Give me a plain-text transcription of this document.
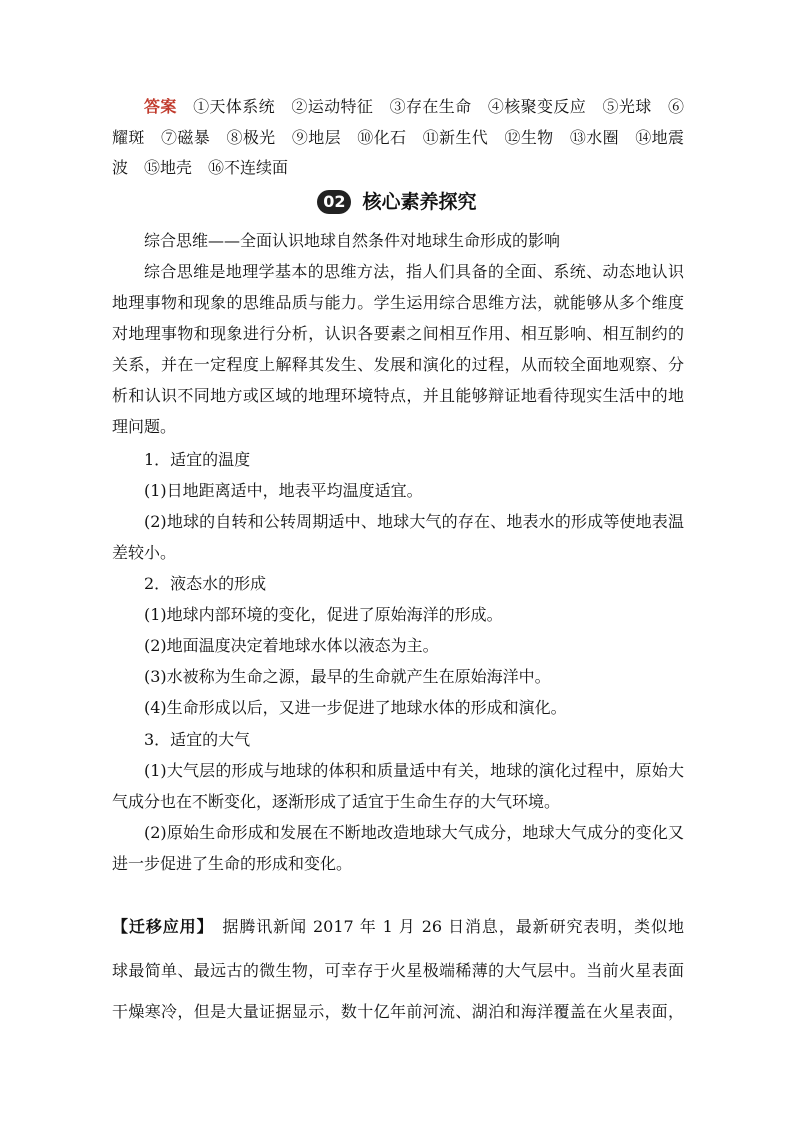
答案　 ①天体系统　②运动特征　③存在生命　④核聚变反应　⑤光球　⑥
耀斑　⑦磁暴　⑧极光　⑨地层　⑩化石　⑪新生代　⑫生物　⑬水圈　⑭地震
波　⑮地壳　⑯不连续面
02 核心素养探究
综合思维——全面认识地球自然条件对地球生命形成的影响
综合思维是地理学基本的思维方法，指人们具备的全面、系统、动态地认识
地理事物和现象的思维品质与能力。学生运用综合思维方法，就能够从多个维度
对地理事物和现象进行分析，认识各要素之间相互作用、相互影响、相互制约的
关系，并在一定程度上解释其发生、发展和演化的过程，从而较全面地观察、分
析和认识不同地方或区域的地理环境特点，并且能够辩证地看待现实生活中的地
理问题。
1．适宜的温度
(1)日地距离适中，地表平均温度适宜。
(2)地球的自转和公转周期适中、地球大气的存在、地表水的形成等使地表温
差较小。
2．液态水的形成
(1)地球内部环境的变化，促进了原始海洋的形成。
(2)地面温度决定着地球水体以液态为主。
(3)水被称为生命之源，最早的生命就产生在原始海洋中。
(4)生命形成以后，又进一步促进了地球水体的形成和演化。
3．适宜的大气
(1)大气层的形成与地球的体积和质量适中有关，地球的演化过程中，原始大
气成分也在不断变化，逐渐形成了适宜于生命生存的大气环境。
(2)原始生命形成和发展在不断地改造地球大气成分，地球大气成分的变化又
进一步促进了生命的形成和变化。
【迁移应用】　 据腾讯新闻 2017 年 1 月 26 日消息，最新研究表明，类似地
球最简单、最远古的微生物，可幸存于火星极端稀薄的大气层中。当前火星表面
干燥寒冷，但是大量证据显示，数十亿年前河流、湖泊和海洋覆盖在火星表面，
